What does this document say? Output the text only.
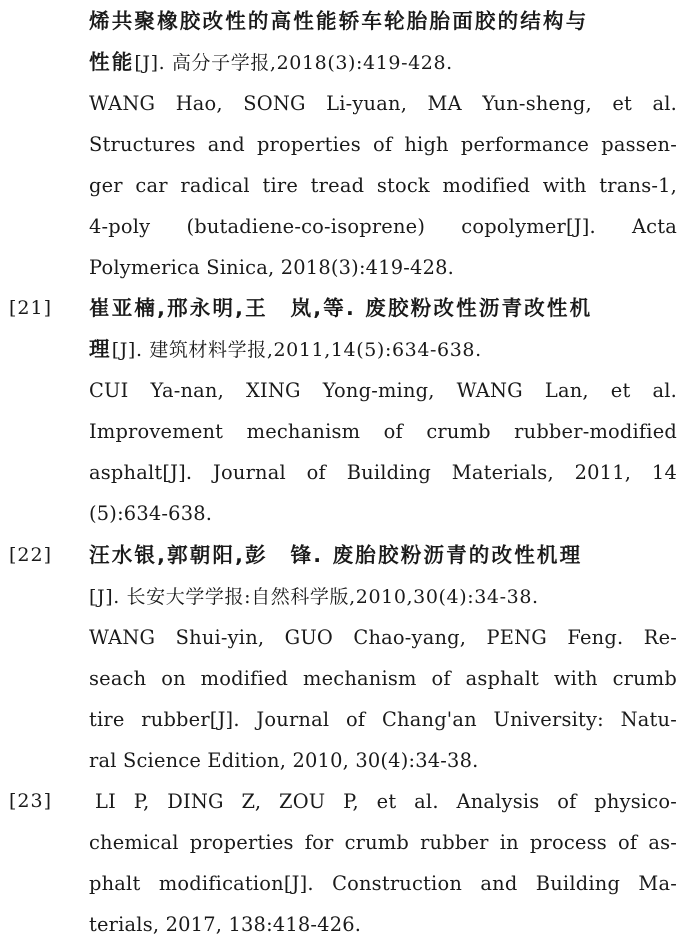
烯共聚橡胶改性的高性能轿车轮胎胎面胶的结构与
性能[J]. 高分子学报,2018(3):419-428.
WANG Hao, SONG Li-yuan, MA Yun-sheng, et al.
Structures and properties of high performance passen-
ger car radical tire tread stock modified with trans-1,
4-poly (butadiene-co-isoprene) copolymer[J]. Acta
Polymerica Sinica, 2018(3):419-428.
[21] 崔亚楠,邢永明,王　岚,等. 废胶粉改性沥青改性机
理[J]. 建筑材料学报,2011,14(5):634-638.
CUI Ya-nan, XING Yong-ming, WANG Lan, et al.
Improvement mechanism of crumb rubber-modified
asphalt[J]. Journal of Building Materials, 2011, 14
(5):634-638.
[22] 汪水银,郭朝阳,彭　锋. 废胎胶粉沥青的改性机理
[J]. 长安大学学报:自然科学版,2010,30(4):34-38.
WANG Shui-yin, GUO Chao-yang, PENG Feng. Re-
seach on modified mechanism of asphalt with crumb
tire rubber[J]. Journal of Chang'an University: Natu-
ral Science Edition, 2010, 30(4):34-38.
[23] LI P, DING Z, ZOU P, et al. Analysis of physico-
chemical properties for crumb rubber in process of as-
phalt modification[J]. Construction and Building Ma-
terials, 2017, 138:418-426.
